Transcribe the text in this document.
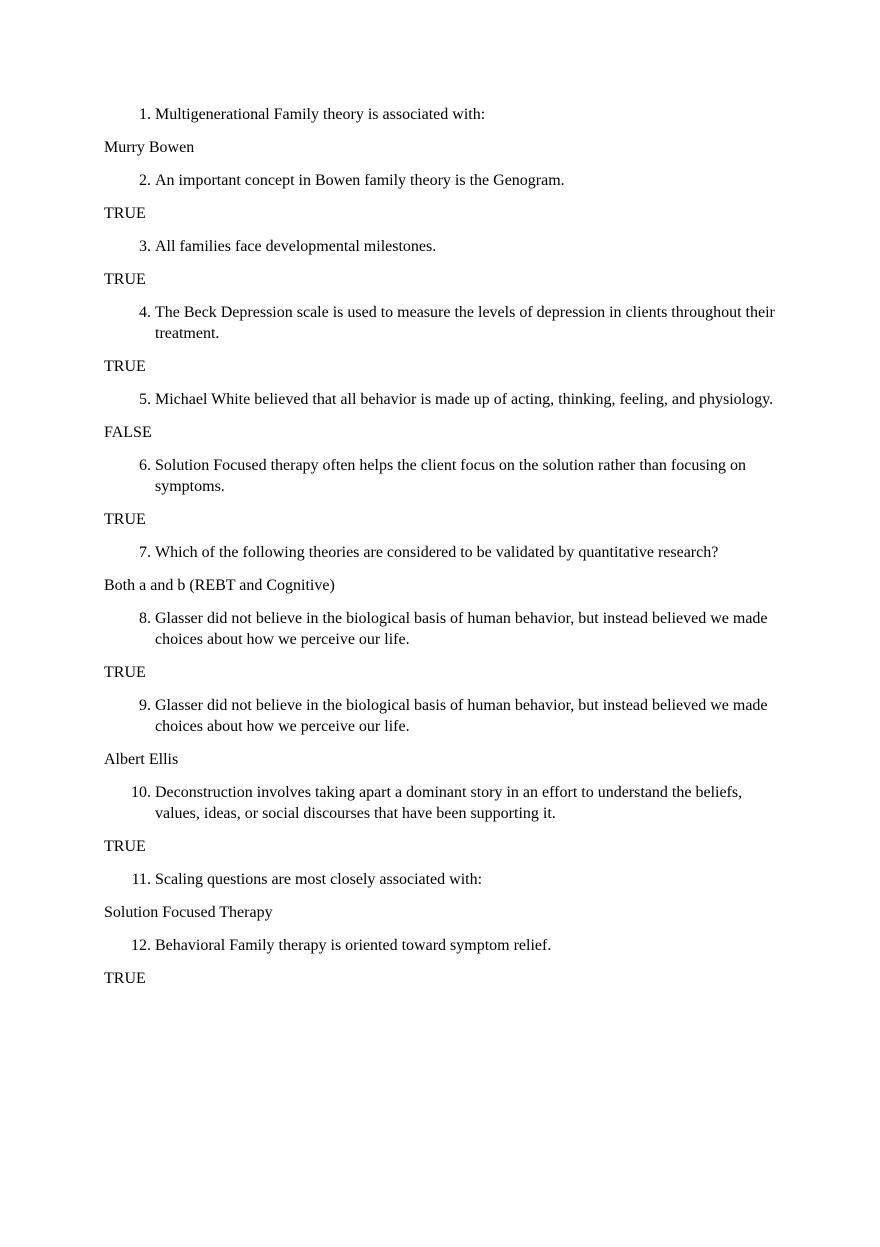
1. Multigenerational Family theory is associated with:

Murry Bowen

2. An important concept in Bowen family theory is the Genogram.

TRUE

3. All families face developmental milestones.

TRUE

4. The Beck Depression scale is used to measure the levels of depression in clients throughout their treatment.

TRUE

5. Michael White believed that all behavior is made up of acting, thinking, feeling, and physiology.

FALSE

6. Solution Focused therapy often helps the client focus on the solution rather than focusing on symptoms.

TRUE

7. Which of the following theories are considered to be validated by quantitative research?

Both a and b (REBT and Cognitive)

8. Glasser did not believe in the biological basis of human behavior, but instead believed we made choices about how we perceive our life.

TRUE

9. Glasser did not believe in the biological basis of human behavior, but instead believed we made choices about how we perceive our life.

Albert Ellis

10. Deconstruction involves taking apart a dominant story in an effort to understand the beliefs, values, ideas, or social discourses that have been supporting it.

TRUE

11. Scaling questions are most closely associated with:

Solution Focused Therapy

12. Behavioral Family therapy is oriented toward symptom relief.

TRUE
